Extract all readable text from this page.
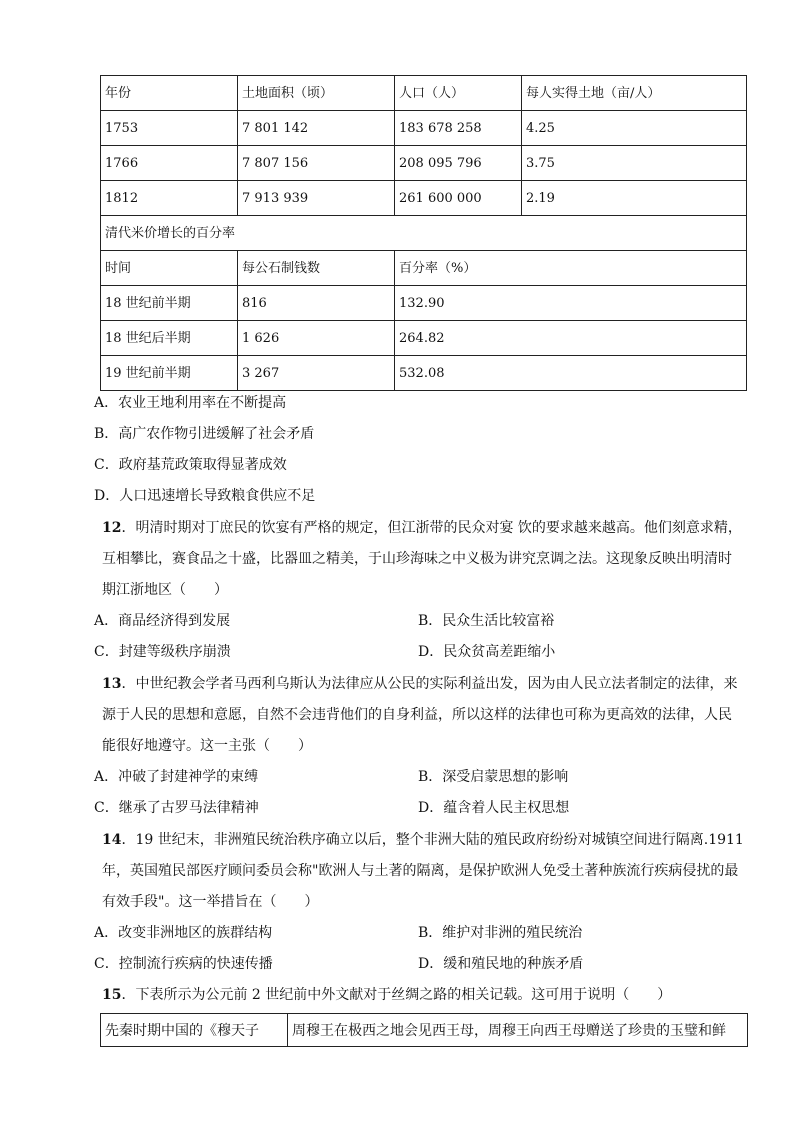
年份	土地面积（顷）	人口（人）	每人实得土地（亩/人）
1753	7 801 142	183 678 258	4.25
1766	7 807 156	208 095 796	3.75
1812	7 913 939	261 600 000	2.19
清代米价增长的百分率			
时间	每公石制钱数	百分率（%）	
18 世纪前半期	816	132.90	
18 世纪后半期	1 626	264.82	
19 世纪前半期	3 267	532.08	
A．农业王地利用率在不断提高
B．高广农作物引进缓解了社会矛盾
C．政府基荒政策取得显著成效
D．人口迅速增长导致粮食供应不足
12．明清时期对丁庶民的饮宴有严格的规定，但江浙带的民众对宴 饮的要求越来越高。他们刻意求精，
互相攀比，赛食品之十盛，比器皿之精美，于山珍海味之中义极为讲究烹调之法。这现象反映出明清时
期江浙地区（　　）
A．商品经济得到发展	B．民众生活比较富裕
C．封建等级秩序崩溃	D．民众贫高差距缩小
13．中世纪教会学者马西利乌斯认为法律应从公民的实际利益出发，因为由人民立法者制定的法律，来
源于人民的思想和意愿，自然不会违背他们的自身利益，所以这样的法律也可称为更高效的法律，人民
能很好地遵守。这一主张（　　）
A．冲破了封建神学的束缚	B．深受启蒙思想的影响
C．继承了古罗马法律精神	D．蕴含着人民主权思想
14．19 世纪末，非洲殖民统治秩序确立以后，整个非洲大陆的殖民政府纷纷对城镇空间进行隔离.1911
年，英国殖民部医疗顾问委员会称"欧洲人与土著的隔离，是保护欧洲人免受土著种族流行疾病侵扰的最
有效手段"。这一举措旨在（　　）
A．改变非洲地区的族群结构	B．维护对非洲的殖民统治
C．控制流行疾病的快速传播	D．缓和殖民地的种族矛盾
15．下表所示为公元前 2 世纪前中外文献对于丝绸之路的相关记载。这可用于说明（　　）
先秦时期中国的《穆天子	周穆王在极西之地会见西王母，周穆王向西王母赠送了珍贵的玉璧和鲜
